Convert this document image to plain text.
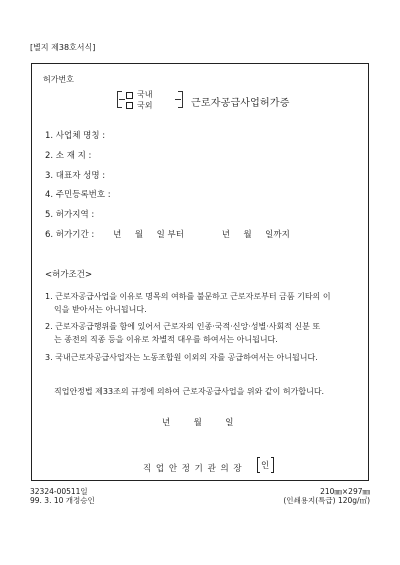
[별지 제38호서식]
허가번호
국내
국외	근로자공급사업허가증
1. 사업체 명칭 :
2. 소 재 지 :
3. 대표자 성명 :
4. 주민등록번호 :
5. 허가지역 :
6. 허가기간 :       년     월     일 부터              년     월     일까지
<허가조건>
1. 근로자공급사업을 이유로 명목의 여하를 불문하고 근로자로부터 금품 기타의 이
익을 받아서는 아니됩니다.
2. 근로자공급행위를 함에 있어서 근로자의 인종·국적·신앙·성별·사회적 신분 또
는 종전의 직종 등을 이유로 차별적 대우를 하여서는 아니됩니다.
3. 국내근로자공급사업자는 노동조합원 이외의 자를 공급하여서는 아니됩니다.
직업안정법 제33조의 규정에 의하여 근로자공급사업을 위와 같이 허가합니다.
년	월	일
직 업 안 정 기 관 의 장 인
32324-00511일
99. 3. 10 개정승인
210㎜×297㎜
(인쇄용지(특급) 120g/㎡)
